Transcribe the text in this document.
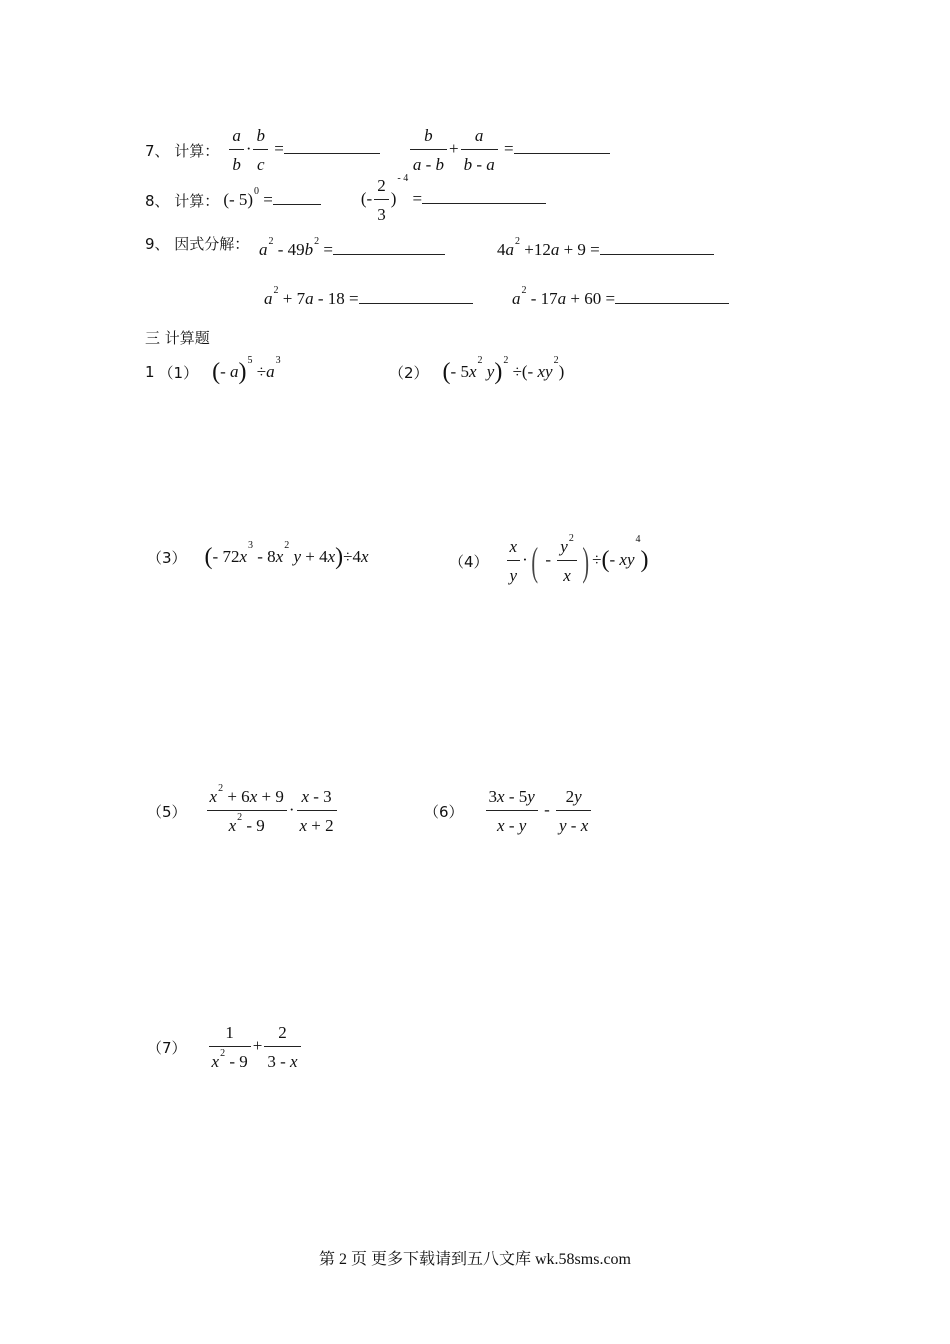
7、 计算： $\frac{a}{b} \cdot \frac{b}{c}$ =	$\frac{b}{a - b} + \frac{a}{b - a}$ =
8、 计算： (- 5)$^0$ =	(- $\frac{2}{3} )^{- 4}$ =
9、 因式分解： $a^2 - 49b^2$ =	$4a^2 +12a + 9$ =
$a^2 + 7a - 18$ =	$a^2 - 17a + 60$ =
三 计算题
1 （1） (- $a)^5 \div a^3$
（2） (- $5x^2$ y)$^2$ ÷(- $xy^2$)
（3） (- $72x^3 - 8x^2$ y + 4x)÷4x	$(4) \frac{x}{y}$ ·( - $\frac{y^2}{x}$ ) ÷(- $xy^4$)
$(5) \frac{x^2 + 6x + 9}{x^2 - 9} \cdot \frac{x - 3}{x + 2}$	$(6) \frac{3x - 5y}{x - y} - \frac{2y}{y - x}$
$(7) \frac{1}{x^2 - 9} + \frac{2}{3 - x}$
第 2 页 更多下载请到五八文库 wk.58sms.com
